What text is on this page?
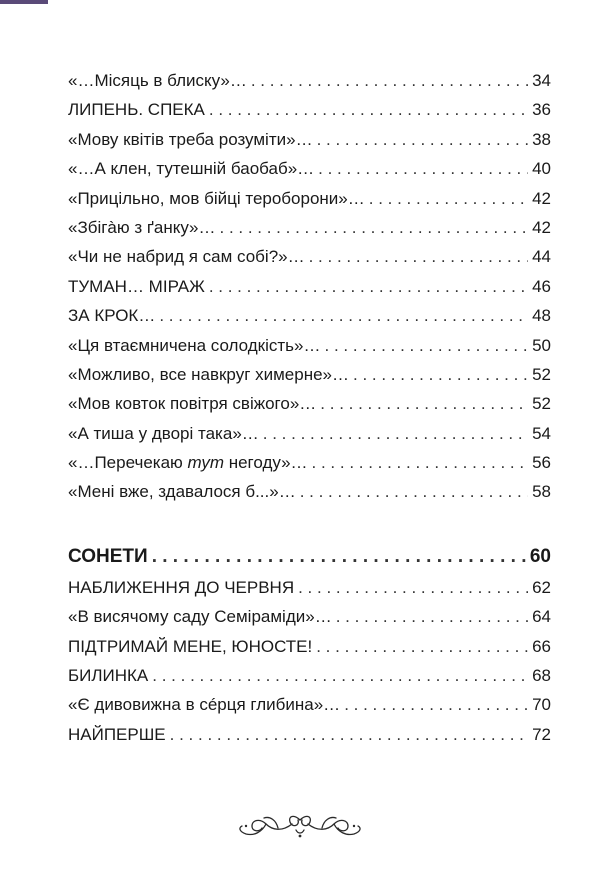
«…Місяць в блиску»… . . .	34
ЛИПЕНЬ. СПЕКА . . .	36
«Мову квітів треба розуміти»… . . .	38
«…А клен, тутешній баобаб»… . . .	40
«Прицільно, мов бійці тероборони»… . . .	42
«Збігàю з ґанку»… . . .	42
«Чи не набрид я сам собі?»… . . .	44
ТУМАН… МІРАЖ . . .	46
ЗА КРОК… . . .	48
«Ця втаємничена солодкість»… . . .	50
«Можливо, все навкруг химерне»… . . .	52
«Мов ковток повітря свіжого»… . . .	52
«А тиша у дворі така»… . . .	54
«…Перечекаю тут негоду»… . . .	56
«Мені вже, здавалося б...»… . . .	58
СОНЕТИ . . .	60
НАБЛИЖЕННЯ ДО ЧЕРВНЯ . . .	62
«В висячому саду Семіраміди»… . . .	64
ПІДТРИМАЙ МЕНЕ, ЮНОСТЕ! . . .	66
БИЛИНКА . . .	68
«Є дивовижна в сéрця глибина»… . . .	70
НАЙПЕРШЕ . . .	72
